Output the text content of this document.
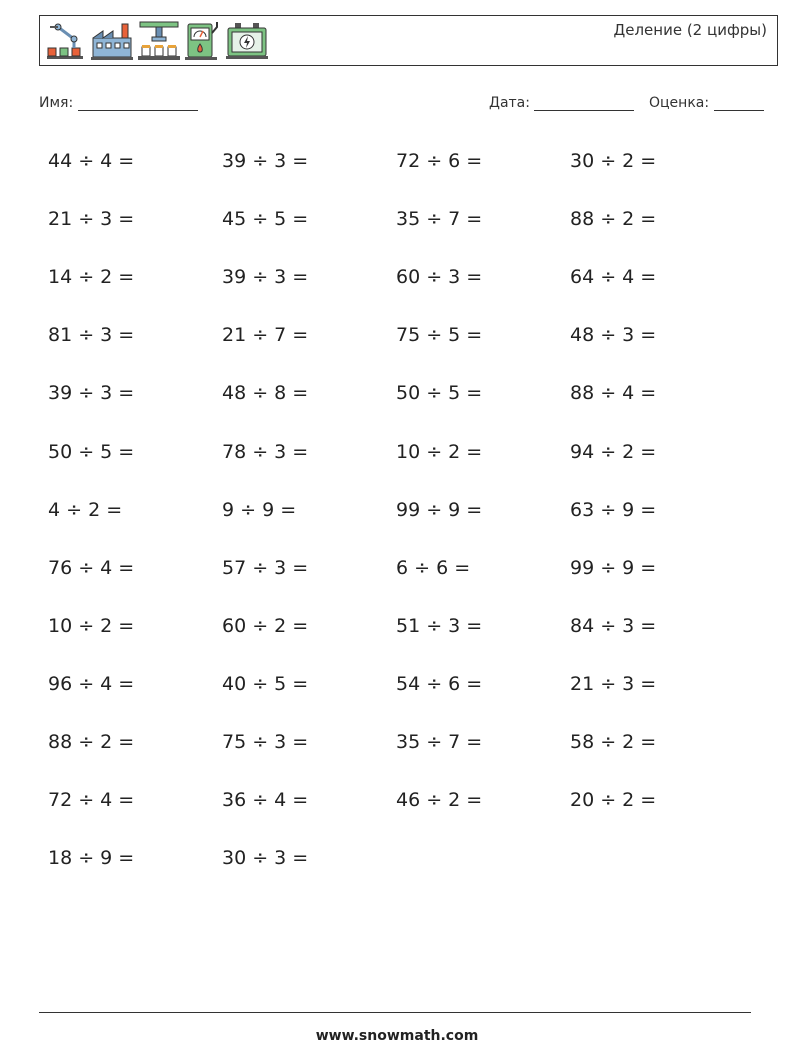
Деление (2 цифры)
Имя:	Дата:	Оценка:
44 ÷ 4 =	39 ÷ 3 =	72 ÷ 6 =	30 ÷ 2 =
21 ÷ 3 =	45 ÷ 5 =	35 ÷ 7 =	88 ÷ 2 =
14 ÷ 2 =	39 ÷ 3 =	60 ÷ 3 =	64 ÷ 4 =
81 ÷ 3 =	21 ÷ 7 =	75 ÷ 5 =	48 ÷ 3 =
39 ÷ 3 =	48 ÷ 8 =	50 ÷ 5 =	88 ÷ 4 =
50 ÷ 5 =	78 ÷ 3 =	10 ÷ 2 =	94 ÷ 2 =
4 ÷ 2 =	9 ÷ 9 =	99 ÷ 9 =	63 ÷ 9 =
76 ÷ 4 =	57 ÷ 3 =	6 ÷ 6 =	99 ÷ 9 =
10 ÷ 2 =	60 ÷ 2 =	51 ÷ 3 =	84 ÷ 3 =
96 ÷ 4 =	40 ÷ 5 =	54 ÷ 6 =	21 ÷ 3 =
88 ÷ 2 =	75 ÷ 3 =	35 ÷ 7 =	58 ÷ 2 =
72 ÷ 4 =	36 ÷ 4 =	46 ÷ 2 =	20 ÷ 2 =
18 ÷ 9 =	30 ÷ 3 =
www.snowmath.com
